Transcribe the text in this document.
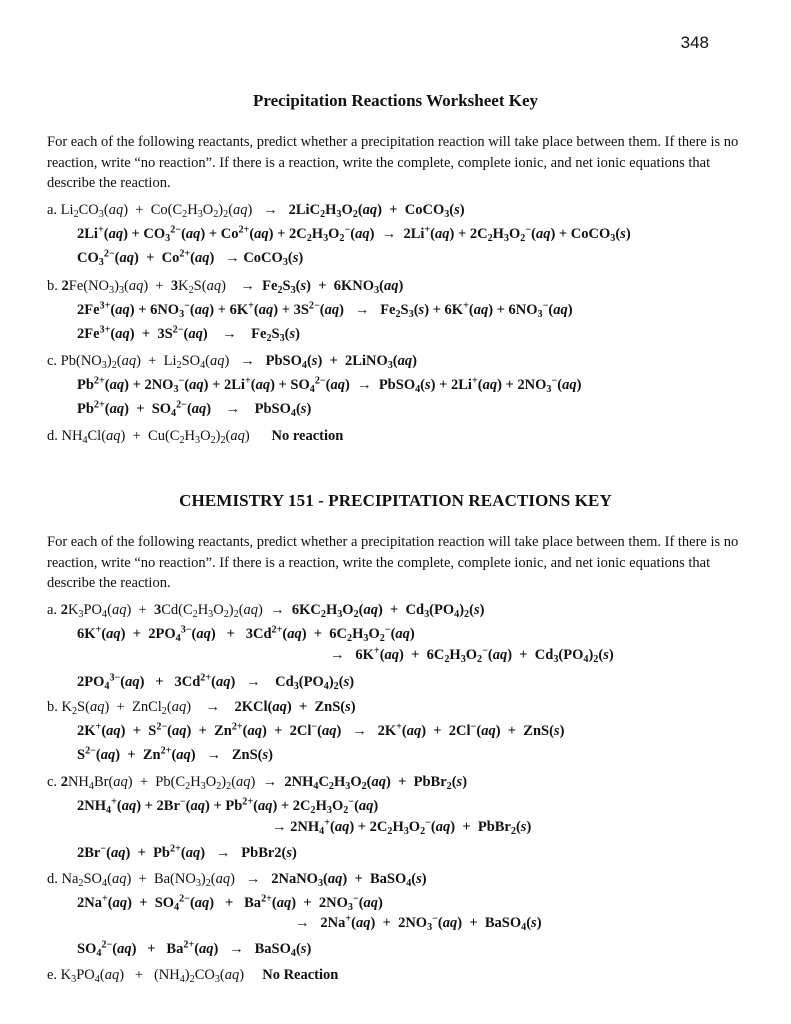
348
Precipitation Reactions Worksheet Key
For each of the following reactants, predict whether a precipitation reaction will take place between them. If there is no reaction, write “no reaction”. If there is a reaction, write the complete, complete ionic, and net ionic equations that describe the reaction.
a. $Li_2CO_3(aq) + Co(C_2H_3O_2)_2(aq) \to 2LiC_2H_3O_2(aq)$  +  CoCO$_3$(s)
$2Li^+(aq) + CO_3^{2-}(aq) + Co^{2+}(aq) + 2C_2H_3O_2^-(aq) \to 2Li^+(aq) + 2C_2H_3O_2^-(aq)$ + CoCO$_3$(s)
$CO_3^{2-}(aq) + Co^{2+}(aq)$   → CoCO$_3$(s)
b. $2Fe(NO_3)_3(aq) + 3K_2S(aq)$    →  $Fe_2S_3(s) + 6KNO_3(aq)$
$2Fe^{3+}(aq) + 6NO_3^-(aq) + 6K^+(aq) + 3S^{2-}(aq) \to Fe_2S_3(s) + 6K^+(aq) + 6NO_3^-(aq)$
$2Fe^{3+}(aq) + 3S^{2-}(aq)$    →    $Fe_2S_3(s)$
c. $Pb(NO_3)_2(aq) + Li_2SO_4(aq)$   →   PbSO$_4$(s)  +  2LiNO$_3$(aq)
$Pb^{2+}(aq) + 2NO_3^-(aq) + 2Li^+(aq) + SO_4^{2-}(aq)$  →  PbSO$_4$(s) + $2Li^+(aq) + 2NO_3^-(aq)$
$Pb^{2+}(aq) + SO_4^{2-}(aq)$    →    PbSO$_4$(s)
d. $NH_4Cl(aq) + Cu(C_2H_3O_2)_2(aq)$      No reaction
CHEMISTRY 151 - PRECIPITATION REACTIONS KEY
For each of the following reactants, predict whether a precipitation reaction will take place between them. If there is no reaction, write “no reaction”. If there is a reaction, write the complete, complete ionic, and net ionic equations that describe the reaction.
a. $2K_3PO_4(aq) + 3Cd(C_2H_3O_2)_2(aq) \to 6KC_2H_3O_2(aq) + Cd_3(PO_4)_2(s)$
$6K^+(aq) + 2PO_4^{3-}(aq) + 3Cd^{2+}(aq) + 6C_2H_3O_2^-(aq)$
→   $6K^+(aq) + 6C_2H_3O_2^-(aq) + Cd_3(PO_4)_2(s)$
$2PO_4^{3-}(aq) + 3Cd^{2+}(aq)$   →    $Cd_3(PO_4)_2(s)$
b. $K_2S(aq)$  +  ZnCl$_2$(aq)    →    2KCl(aq)  +  ZnS(s)
$2K^+(aq) + S^{2-}(aq) + Zn^{2+}(aq) + 2Cl^-(aq) \to 2K^+(aq) + 2Cl^-(aq) + ZnS(s)$
$S^{2-}(aq) + Zn^{2+}(aq) \to ZnS(s)$
c. $2NH_4Br(aq) + Pb(C_2H_3O_2)_2(aq) \to 2NH_4C_2H_3O_2(aq)$  +  PbBr$_2$(s)
$2NH_4^+(aq) + 2Br^-(aq) + Pb^{2+}(aq) + 2C_2H_3O_2^-(aq)$
→ $2NH_4^+(aq) + 2C_2H_3O_2^-(aq)$  +  PbBr$_2$(s)
$2Br^-(aq) + Pb^{2+}(aq)$   →   PbBr2(s)
d. $Na_2SO_4(aq) + Ba(NO_3)_2(aq)$   →   2NaNO$_3$(aq)  +  BaSO$_4$(s)
$2Na^+(aq) + SO_4^{2-}(aq) + Ba^{2+}(aq) + 2NO_3^-(aq)$
→   $2Na^+(aq) + 2NO_3^-(aq)$  +  BaSO$_4$(s)
$SO_4^{2-}(aq) + Ba^{2+}(aq)$   →   BaSO$_4$(s)
e. $K_3PO_4(aq) + (NH_4)_2CO_3(aq)$     No Reaction
